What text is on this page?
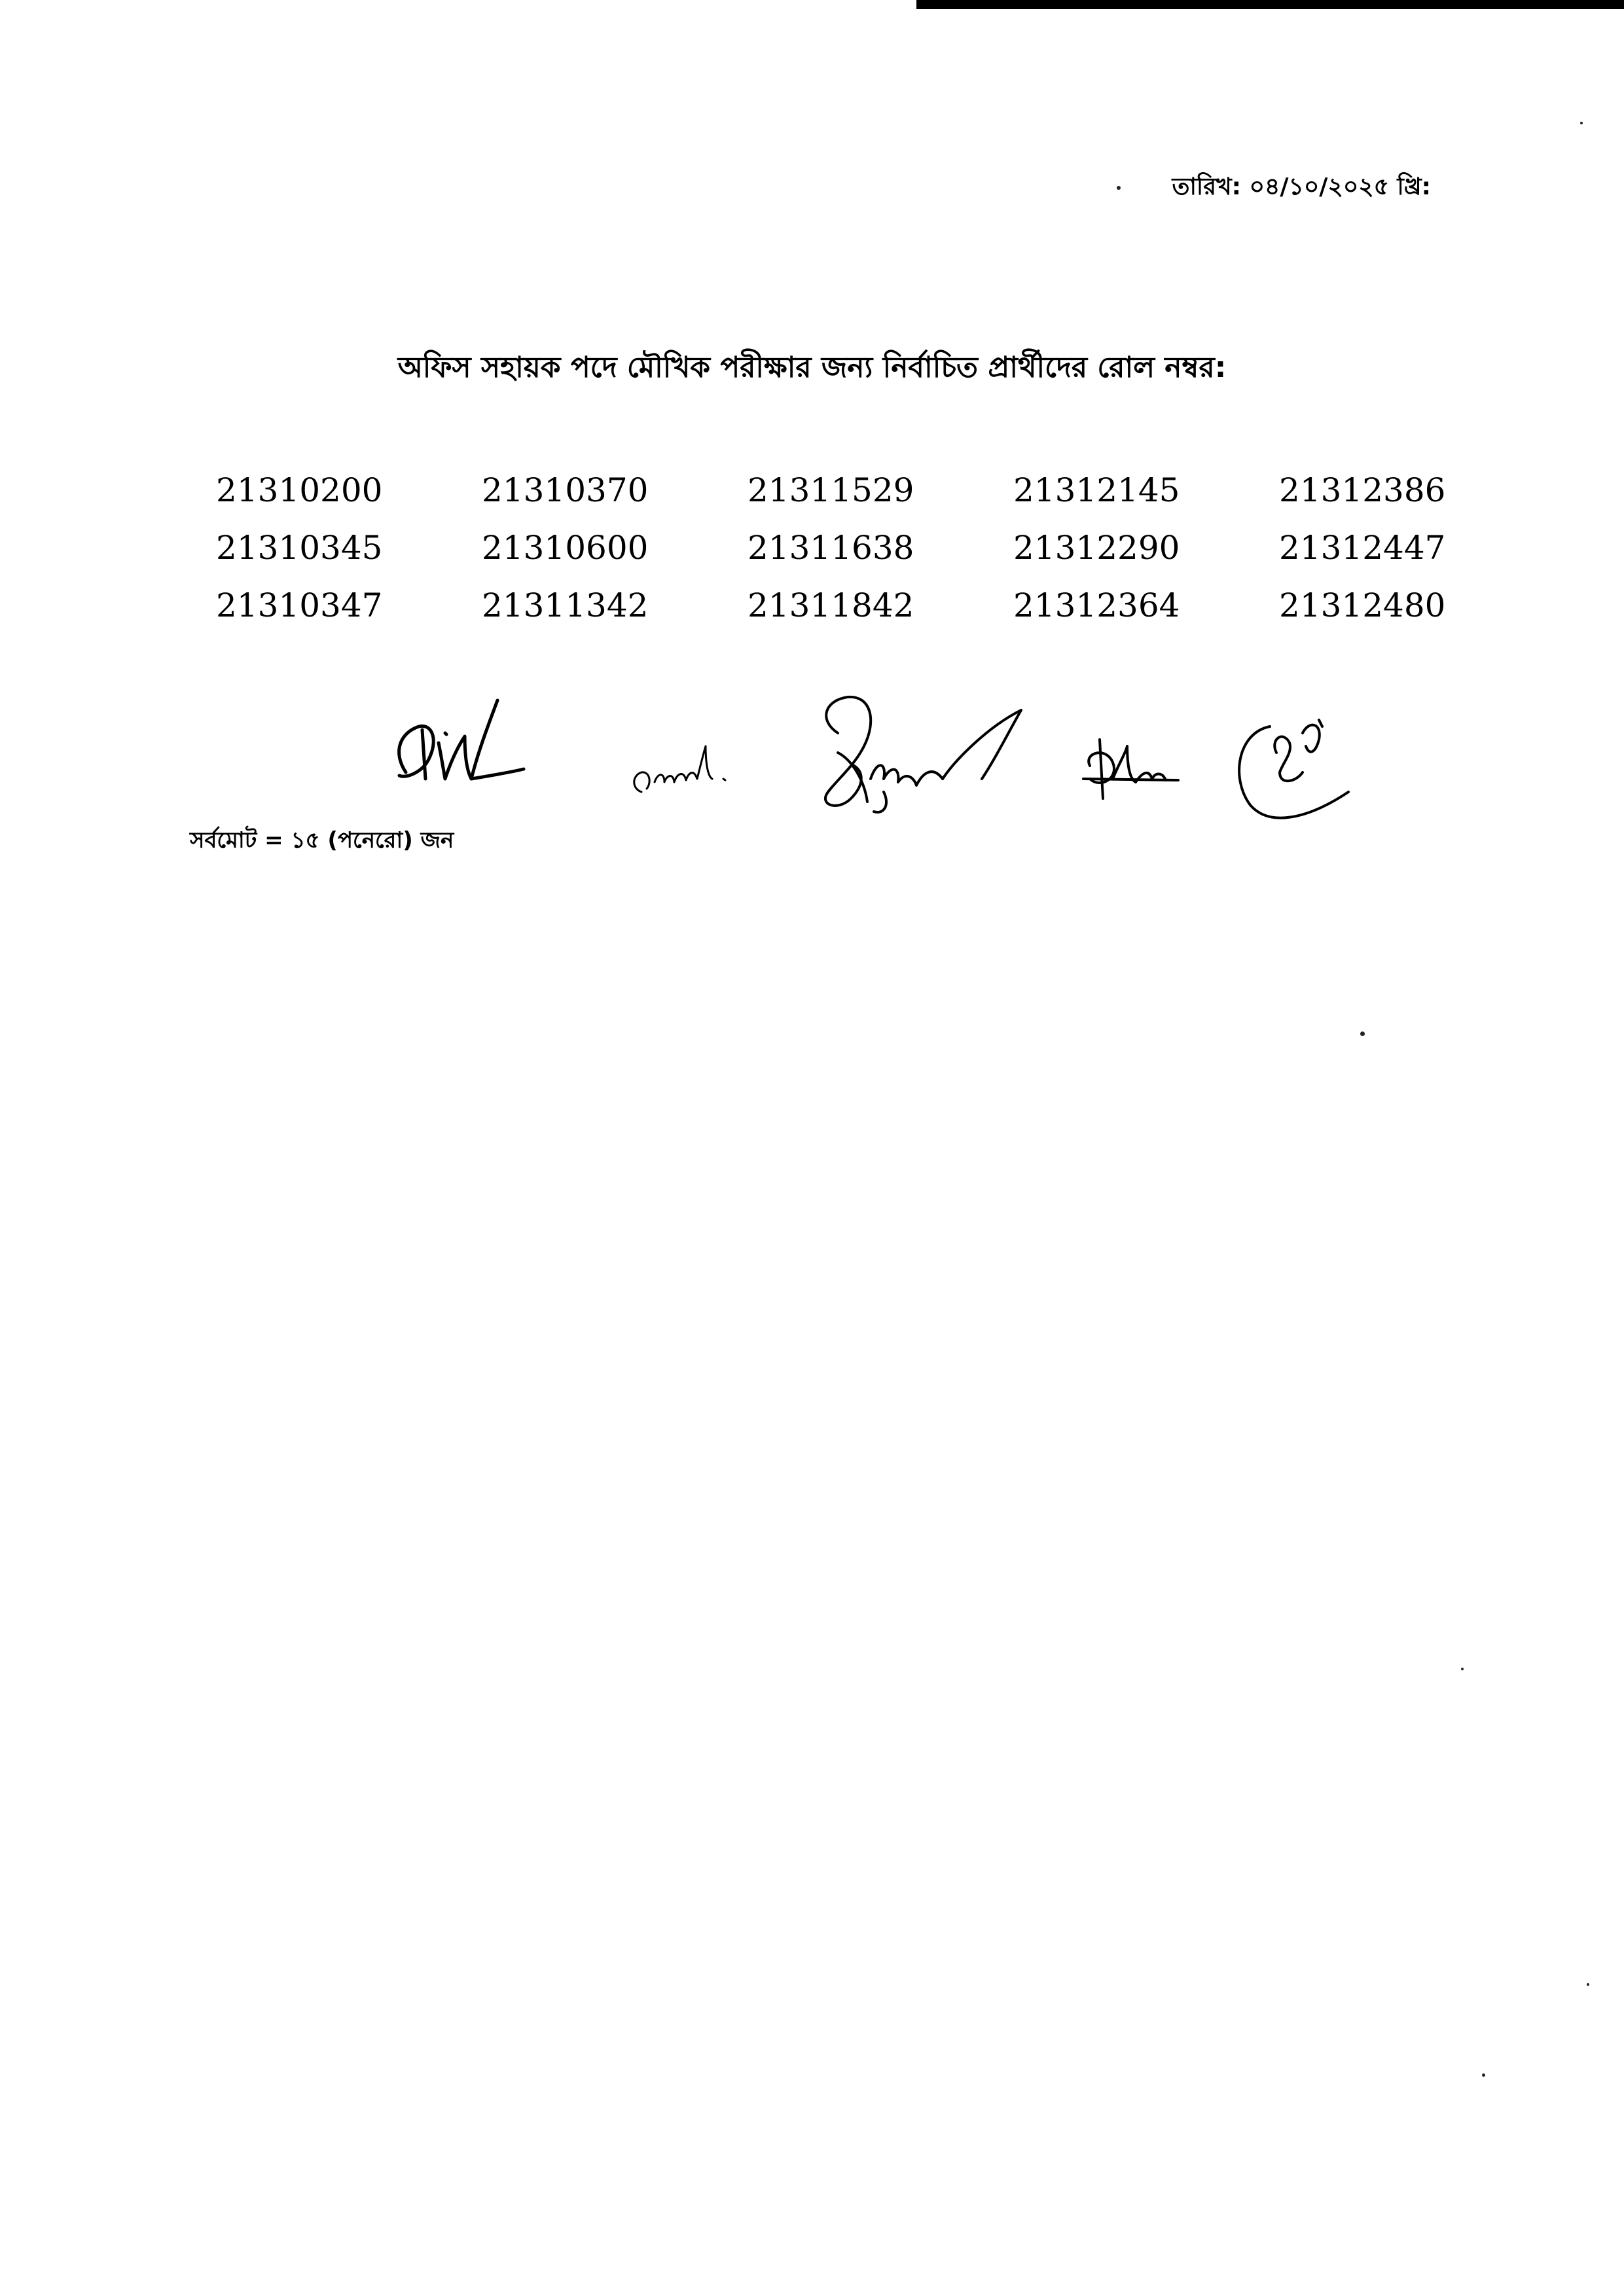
তারিখ: ০৪/১০/২০২৫ খ্রি:
অফিস সহায়ক পদে মৌখিক পরীক্ষার জন্য নির্বাচিত প্রার্থীদের রোল নম্বর:
21310200	21310370	21311529	21312145	21312386
21310345	21310600	21311638	21312290	21312447
21310347	21311342	21311842	21312364	21312480
সর্বমোট = ১৫ (পনেরো) জন
